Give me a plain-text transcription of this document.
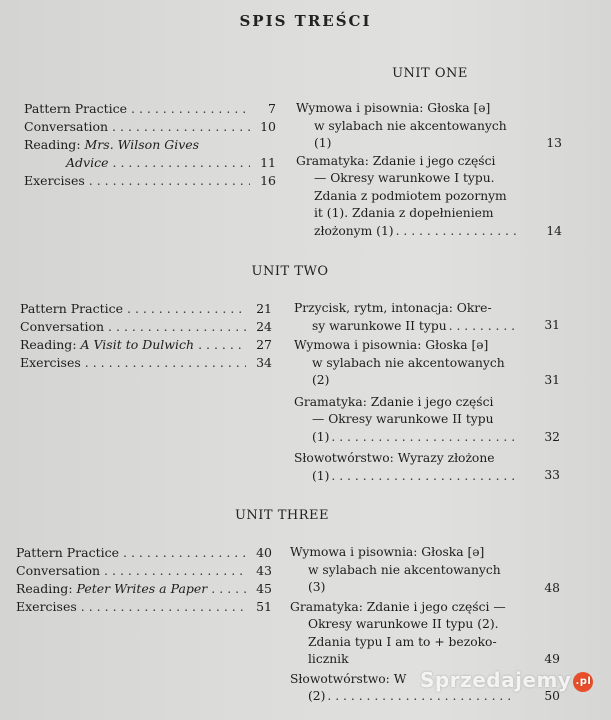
SPIS TREŚCI
UNIT ONE
Pattern Practice . . .	7
Conversation . . .	10
Reading: Mrs. Wilson Gives
Advice . . .	11
Exercises . . .	16
Wymowa i pisownia: Głoska [ə]
w sylabach nie akcentowanych
(1)	13
Gramatyka: Zdanie i jego części
— Okresy warunkowe I typu.
Zdania z podmiotem pozornym
it (1). Zdania z dopełnieniem
złożonym (1) . . .	14
UNIT TWO
Pattern Practice . . .	21
Conversation . . .	24
Reading: A Visit to Dulwich . . .	27
Exercises . . .	34
Przycisk, rytm, intonacja: Okre-
sy warunkowe II typu . . .	31
Wymowa i pisownia: Głoska [ə]
w sylabach nie akcentowanych
(2)	31
Gramatyka: Zdanie i jego części
— Okresy warunkowe II typu
(1) . . .	32
Słowotwórstwo: Wyrazy złożone
(1) . . .	33
UNIT THREE
Pattern Practice . . .	40
Conversation . . .	43
Reading: Peter Writes a Paper . . .	45
Exercises . . .	51
Wymowa i pisownia: Głoska [ə]
w sylabach nie akcentowanych
(3)	48
Gramatyka: Zdanie i jego części —
Okresy warunkowe II typu (2).
Zdania typu I am to + bezoko-
licznik	49
Słowotwórstwo: W
(2) . . .	50
Sprzedajemy .pl
